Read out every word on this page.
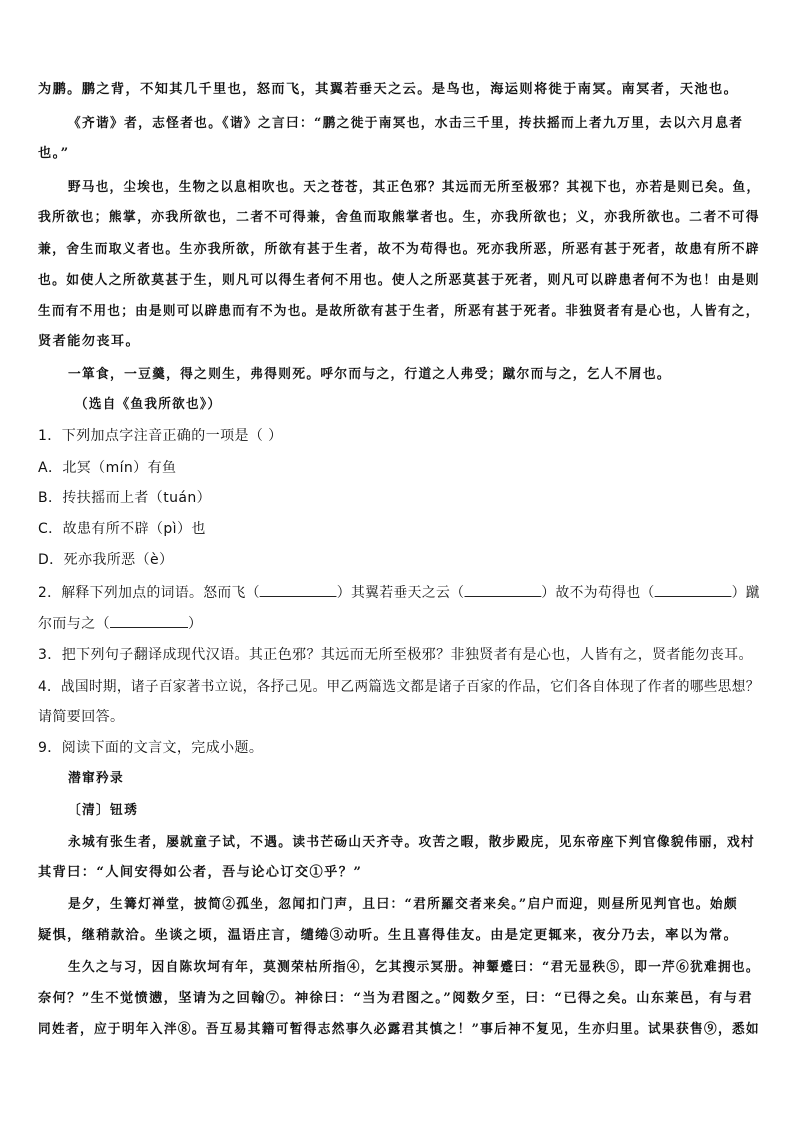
为鹏。鹏之背，不知其几千里也，怒而飞，其翼若垂天之云。是鸟也，海运则将徙于南冥。南冥者，天池也。
《齐谐》者，志怪者也。《谐》之言曰：“鹏之徙于南冥也，水击三千里，抟扶摇而上者九万里，去以六月息者
也。”
野马也，尘埃也，生物之以息相吹也。天之苍苍，其正色邪？其远而无所至极邪？其视下也，亦若是则已矣。鱼，
我所欲也；熊掌，亦我所欲也，二者不可得兼，舍鱼而取熊掌者也。生，亦我所欲也；义，亦我所欲也。二者不可得
兼，舍生而取义者也。生亦我所欲，所欲有甚于生者，故不为苟得也。死亦我所恶，所恶有甚于死者，故患有所不辟
也。如使人之所欲莫甚于生，则凡可以得生者何不用也。使人之所恶莫甚于死者，则凡可以辟患者何不为也！由是则
生而有不用也；由是则可以辟患而有不为也。是故所欲有甚于生者，所恶有甚于死者。非独贤者有是心也，人皆有之，
贤者能勿丧耳。
一箪食，一豆羹，得之则生，弗得则死。呼尔而与之，行道之人弗受；蹴尔而与之，乞人不屑也。
（选自《鱼我所欲也》）
1．下列加点字注音正确的一项是（ ）
A．北冥（mín）有鱼
B．抟扶摇而上者（tuán）
C．故患有所不辟（pì）也
D．死亦我所恶（è）
2．解释下列加点的词语。怒而飞（	）其翼若垂天之云（	）故不为苟得也（	）蹴
尔而与之（	）
3．把下列句子翻译成现代汉语。其正色邪？其远而无所至极邪？非独贤者有是心也，人皆有之，贤者能勿丧耳。
4．战国时期，诸子百家著书立说，各抒己见。甲乙两篇选文都是诸子百家的作品，它们各自体现了作者的哪些思想？
请简要回答。
9．阅读下面的文言文，完成小题。
潜窜矜录
〔清〕钮琇
永城有张生者，屡就童子试，不遇。读书芒砀山天齐寺。攻苦之暇，散步殿庑，见东帝座下判官像貌伟丽，戏村
其背曰：“人间安得如公者，吾与论心订交①乎？”
是夕，生篝灯禅堂，披简②孤坐，忽闻扣门声，且曰：“君所羅交者来矣。”启户而迎，则昼所见判官也。始颇
疑惧，继稍款洽。坐谈之顷，温语庄言，缱绻③动听。生且喜得佳友。由是定更辄来，夜分乃去，率以为常。
生久之与习，因自陈坎坷有年，莫测荣枯所指④，乞其搜示冥册。神颦蹙曰：“君无显秩⑤，即一芹⑥犹难拥也。
奈何？”生不觉愤懑，坚请为之回翰⑦。神徐曰：“当为君图之。”阅数夕至，曰：“已得之矣。山东莱邑，有与君
同姓者，应于明年入泮⑧。吾互易其籍可暂得志然事久必露君其慎之！”事后神不复见，生亦归里。试果获售⑨，悉如
